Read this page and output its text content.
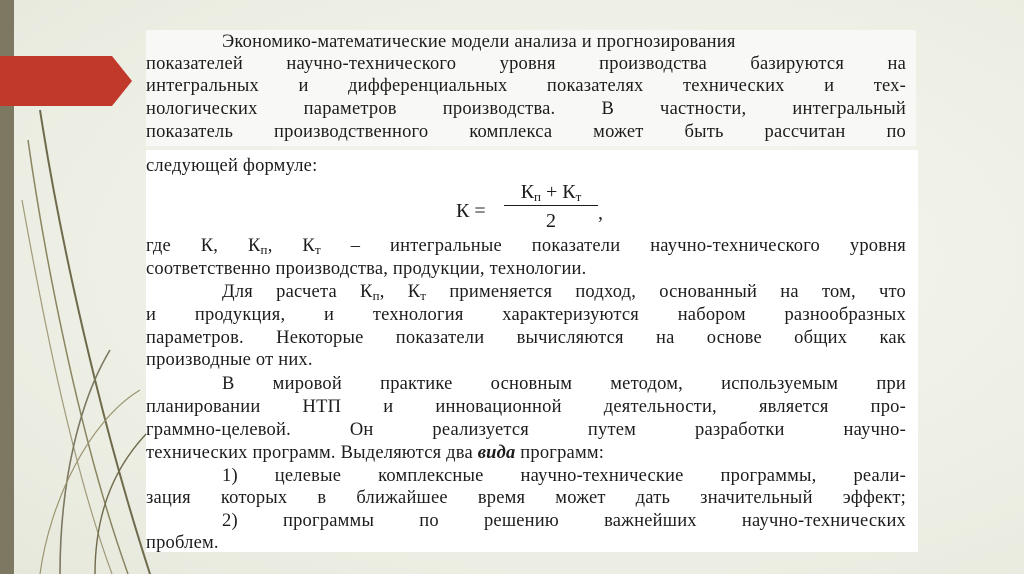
Экономико-математические модели анализа и прогнозирования
показателей научно-технического уровня производства базируются на
интегральных и дифференциальных показателях технических и тех-
нологических параметров производства. В частности, интегральный
показатель производственного комплекса может быть рассчитан по
следующей формуле:
К =
$К_п + К_т$
2	,
где К, $К_п$, $К_т$ – интегральные показатели научно-технического уровня
соответственно производства, продукции, технологии.
Для расчета $К_п$, $К_т$ применяется подход, основанный на том, что
и продукция, и технология характеризуются набором разнообразных
параметров. Некоторые показатели вычисляются на основе общих как
производные от них.
В мировой практике основным методом, используемым при
планировании НТП и инновационной деятельности, является про-
граммно-целевой. Он реализуется путем разработки научно-
технических программ. Выделяются два вида программ:
1) целевые комплексные научно-технические программы, реали-
зация которых в ближайшее время может дать значительный эффект;
2) программы по решению важнейших научно-технических
проблем.
